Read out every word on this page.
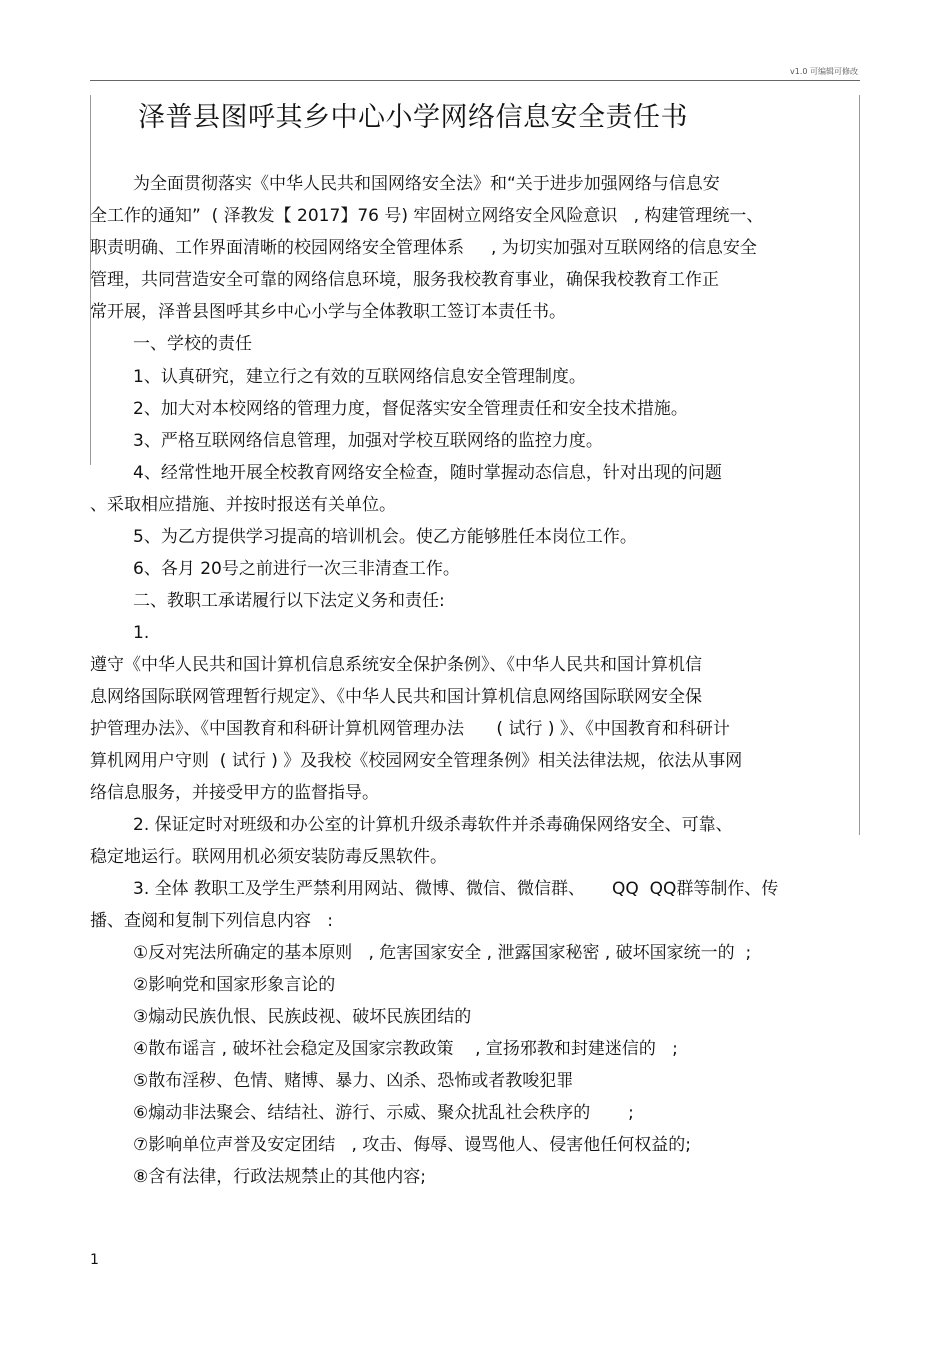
v1.0 可编辑可修改
泽普县图呼其乡中心小学网络信息安全责任书
为全面贯彻落实《中华人民共和国网络安全法》和“关于进步加强网络与信息安
全工作的通知”  ( 泽教发【 2017】76 号) 牢固树立网络安全风险意识   , 构建管理统一、
职责明确、工作界面清晰的校园网络安全管理体系     , 为切实加强对互联网络的信息安全
管理，共同营造安全可靠的网络信息环境，服务我校教育事业，确保我校教育工作正
常开展，泽普县图呼其乡中心小学与全体教职工签订本责任书。
一、学校的责任
1、认真研究，建立行之有效的互联网络信息安全管理制度。
2、加大对本校网络的管理力度，督促落实安全管理责任和安全技术措施。
3、严格互联网络信息管理，加强对学校互联网络的监控力度。
4、经常性地开展全校教育网络安全检查，随时掌握动态信息，针对出现的问题
、采取相应措施、并按时报送有关单位。
5、为乙方提供学习提高的培训机会。使乙方能够胜任本岗位工作。
6、各月 20号之前进行一次三非清查工作。
二、教职工承诺履行以下法定义务和责任:
1.
遵守《中华人民共和国计算机信息系统安全保护条例》、《中华人民共和国计算机信
息网络国际联网管理暂行规定》、《中华人民共和国计算机信息网络国际联网安全保
护管理办法》、《中国教育和科研计算机网管理办法      ( 试行 ) 》、《中国教育和科研计
算机网用户守则  ( 试行 ) 》及我校《校园网安全管理条例》相关法律法规，依法从事网
络信息服务，并接受甲方的监督指导。
2. 保证定时对班级和办公室的计算机升级杀毒软件并杀毒确保网络安全、可靠、
稳定地运行。联网用机必须安装防毒反黑软件。
3. 全体 教职工及学生严禁利用网站、微博、微信、微信群、     QQ  QQ群等制作、传
播、查阅和复制下列信息内容   :
①反对宪法所确定的基本原则   , 危害国家安全 , 泄露国家秘密 , 破坏国家统一的  ;
②影响党和国家形象言论的
③煽动民族仇恨、民族歧视、破坏民族团结的
④散布谣言 , 破坏社会稳定及国家宗教政策    , 宣扬邪教和封建迷信的   ;
⑤散布淫秽、色情、赌博、暴力、凶杀、恐怖或者教唆犯罪
⑥煽动非法聚会、结结社、游行、示威、聚众扰乱社会秩序的       ;
⑦影响单位声誉及安定团结   , 攻击、侮辱、谩骂他人、侵害他任何权益的;
⑧含有法律，行政法规禁止的其他内容;
1
